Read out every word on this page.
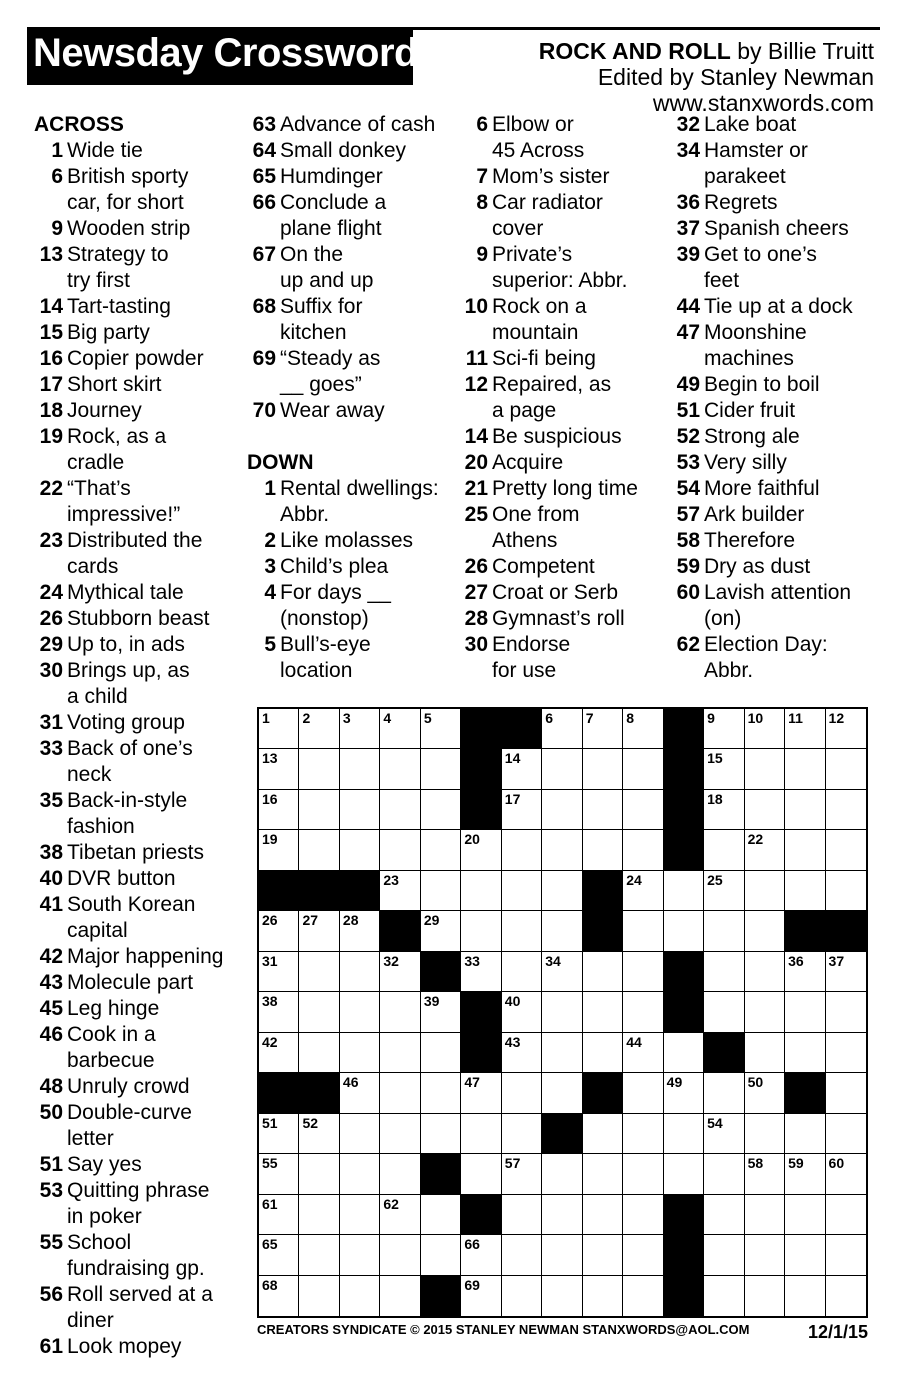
Newsday Crossword	ROCK AND ROLL by Billie Truitt
Edited by Stanley Newman
www.stanxwords.com
ACROSS
1 Wide tie
6 British sporty
car, for short
9 Wooden strip
13 Strategy to
try first
14 Tart-tasting
15 Big party
16 Copier powder
17 Short skirt
18 Journey
19 Rock, as a
cradle
22 “That’s
impressive!”
23 Distributed the
cards
24 Mythical tale
26 Stubborn beast
29 Up to, in ads
30 Brings up, as
a child
31 Voting group
33 Back of one’s
neck
35 Back-in-style
fashion
38 Tibetan priests
40 DVR button
41 South Korean
capital
42 Major happening
43 Molecule part
45 Leg hinge
46 Cook in a
barbecue
48 Unruly crowd
50 Double-curve
letter
51 Say yes
53 Quitting phrase
in poker
55 School
fundraising gp.
56 Roll served at a
diner
61 Look mopey
63 Advance of cash
64 Small donkey
65 Humdinger
66 Conclude a
plane flight
67 On the
up and up
68 Suffix for
kitchen
69 “Steady as
__ goes”
70 Wear away
DOWN
1 Rental dwellings:
Abbr.
2 Like molasses
3 Child’s plea
4 For days __
(nonstop)
5 Bull’s-eye
location
6 Elbow or
45 Across
7 Mom’s sister
8 Car radiator
cover
9 Private’s
superior: Abbr.
10 Rock on a
mountain
11 Sci-fi being
12 Repaired, as
a page
14 Be suspicious
20 Acquire
21 Pretty long time
25 One from
Athens
26 Competent
27 Croat or Serb
28 Gymnast’s roll
30 Endorse
for use
32 Lake boat
34 Hamster or
parakeet
36 Regrets
37 Spanish cheers
39 Get to one’s
feet
44 Tie up at a dock
47 Moonshine
machines
49 Begin to boil
51 Cider fruit
52 Strong ale
53 Very silly
54 More faithful
57 Ark builder
58 Therefore
59 Dry as dust
60 Lavish attention
(on)
62 Election Day:
Abbr.
1 2 3 4 5	6 7 8	9 10 11 12
13	14	15
16	17	18
19	20	21	22
23	24	25
26 27 28	29	30
31	32	33	34	35	36 37
38	39	40	41
42	43	44	45
46	47	48	49	50
51 52	53	54
55	56	57	58 59 60
61	62	63	64
65	66	67
68	69	70
CREATORS SYNDICATE © 2015 STANLEY NEWMAN STANXWORDS@AOL.COM	12/1/15
